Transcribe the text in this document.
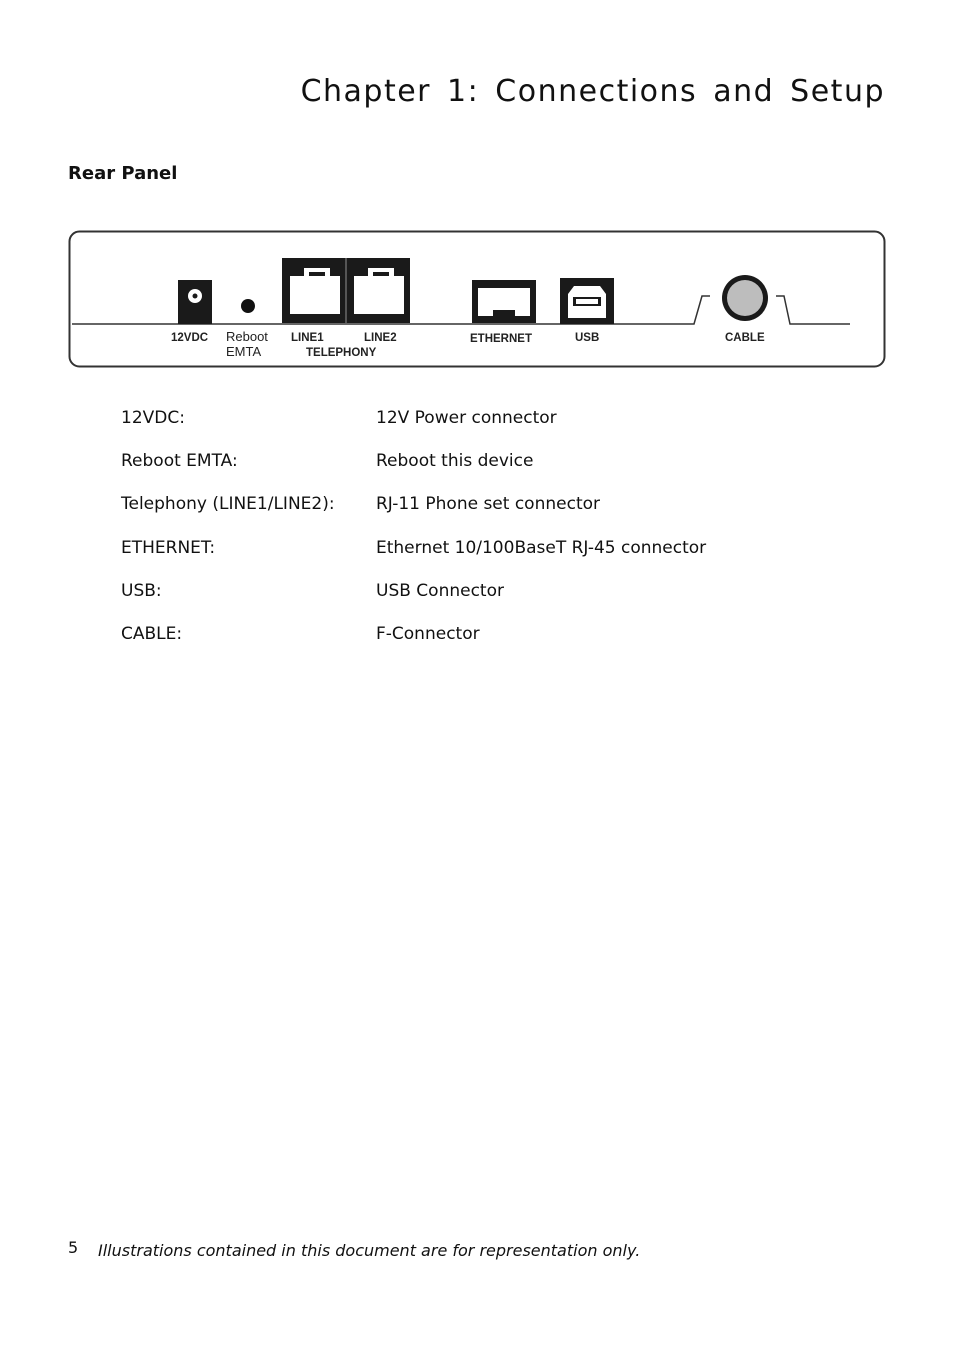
Chapter 1: Connections and Setup
Rear Panel
12VDC Reboot
EMTA
LINE1	LINE2
TELEPHONY
ETHERNET	USB	CABLE
12VDC:	12V Power connector
Reboot EMTA:	Reboot this device
Telephony (LINE1/LINE2):	RJ-11 Phone set connector
ETHERNET:	Ethernet 10/100BaseT RJ-45 connector
USB:	USB Connector
CABLE:	F-Connector
5 Illustrations contained in this document are for representation only.
